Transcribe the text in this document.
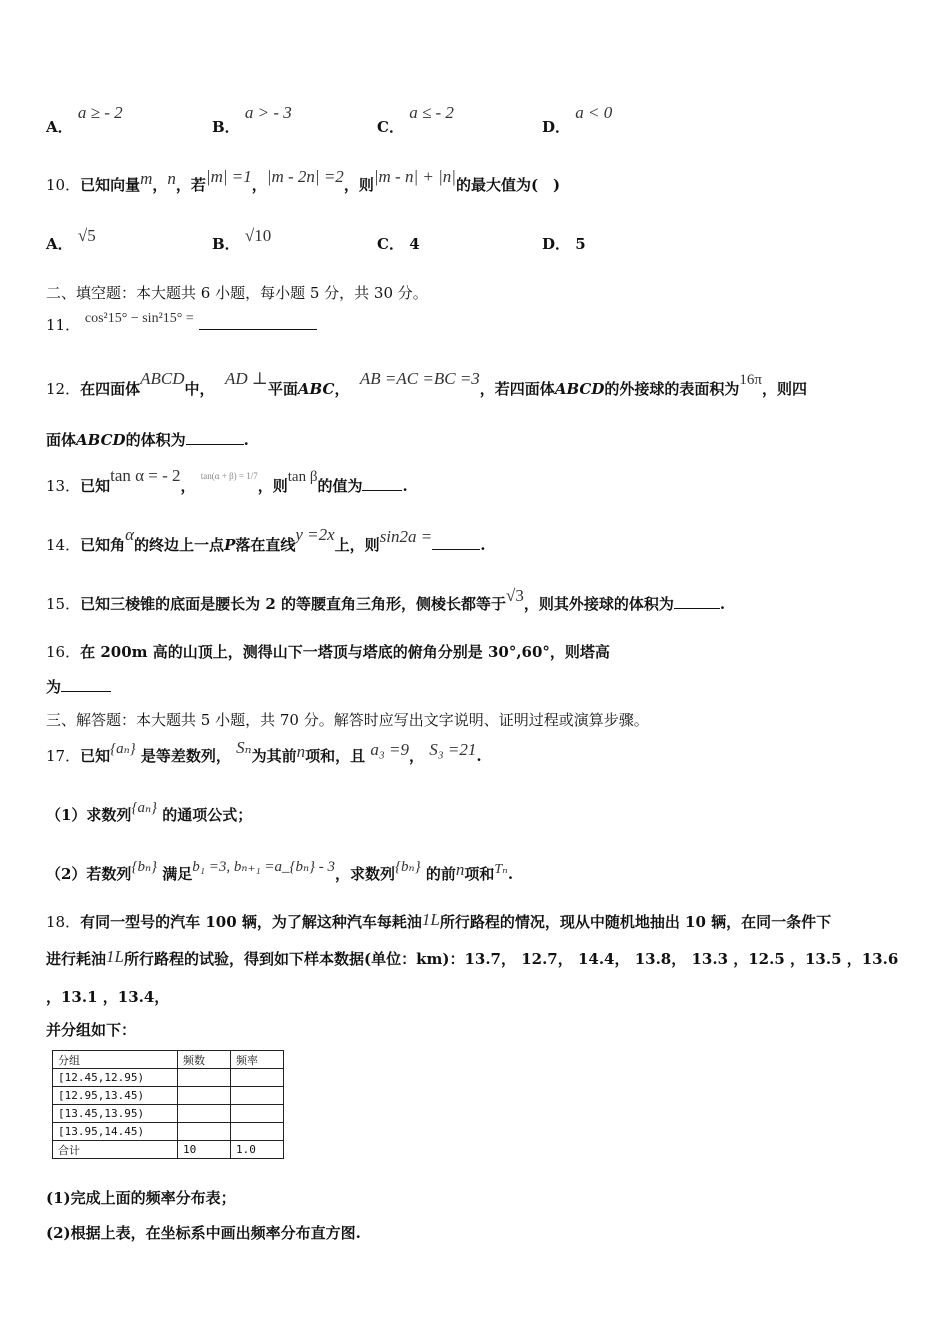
A． a ≥ - 2
B． a > - 3
C． a ≤ - 2
D． a < 0
10．已知向量m，n，若|m| =1，|m - 2n| =2，则|m - n| + |n|的最大值为(　)
A． √5	B． √10	C． 4	D． 5
二、填空题：本大题共 6 小题，每小题 5 分，共 30 分。
11． cos²15° − sin²15° =
12．在四面体ABCD中，  AD ⊥平面ABC，  AB =AC =BC =3，若四面体ABCD的外接球的表面积为16π，则四
面体ABCD的体积为	.
13．已知tan α = - 2， $^{tan(\alpha + \beta) = 1/7}$，则tan β的值为	.
14．已知角α的终边上一点P落在直线y =2x上，则sin2a =	.
15．已知三棱锥的底面是腰长为 2 的等腰直角三角形，侧棱长都等于√3，则其外接球的体积为	.
16．在 200m 高的山顶上，测得山下一塔顶与塔底的俯角分别是 30°,60°，则塔高
为
三、解答题：本大题共 5 小题，共 70 分。解答时应写出文字说明、证明过程或演算步骤。
17．已知{aₙ} 是等差数列， Sₙ为其前n项和，且 a₃ =9， S₃ =21.
（1）求数列{aₙ} 的通项公式；
（2）若数列{bₙ} 满足b₁ =3, bₙ₊₁ =a_{bₙ} - 3，求数列{bₙ} 的前n项和Tₙ.
18．有同一型号的汽车 100 辆，为了解这种汽车每耗油1L所行路程的情况，现从中随机地抽出 10 辆，在同一条件下
进行耗油1L所行路程的试验，得到如下样本数据(单位：km)：13.7， 12.7， 14.4， 13.8， 13.3 ，12.5 ，13.5 ，13.6
，13.1 ，13.4，
并分组如下：
分组	频数	频率
[12.45,12.95)		
[12.95,13.45)		
[13.45,13.95)		
[13.95,14.45)		
合计	10	1.0
(1)完成上面的频率分布表；
(2)根据上表，在坐标系中画出频率分布直方图.
